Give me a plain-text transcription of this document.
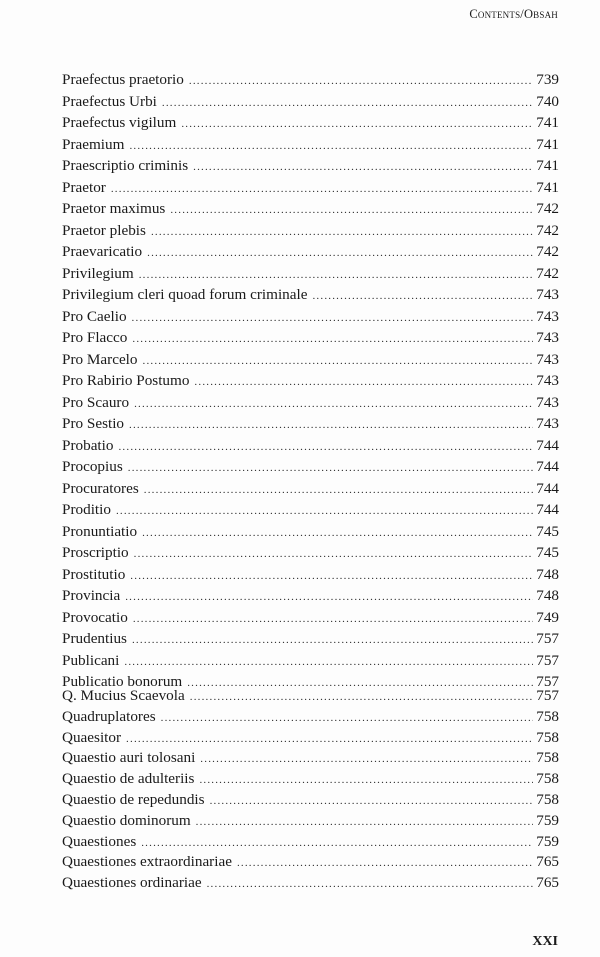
Contents/Obsah
Praefectus praetorio .....	739
Praefectus Urbi .....	740
Praefectus vigilum .....	741
Praemium .....	741
Praescriptio criminis .....	741
Praetor .....	741
Praetor maximus .....	742
Praetor plebis .....	742
Praevaricatio .....	742
Privilegium .....	742
Privilegium cleri quoad forum criminale .....	743
Pro Caelio .....	743
Pro Flacco .....	743
Pro Marcelo .....	743
Pro Rabirio Postumo .....	743
Pro Scauro .....	743
Pro Sestio .....	743
Probatio .....	744
Procopius .....	744
Procuratores .....	744
Proditio .....	744
Pronuntiatio .....	745
Proscriptio .....	745
Prostitutio .....	748
Provincia .....	748
Provocatio .....	749
Prudentius .....	757
Publicani .....	757
Publicatio bonorum .....	757
Q. Mucius Scaevola .....	757
Quadruplatores .....	758
Quaesitor .....	758
Quaestio auri tolosani .....	758
Quaestio de adulteriis .....	758
Quaestio de repedundis .....	758
Quaestio dominorum .....	759
Quaestiones .....	759
Quaestiones extraordinariae .....	765
Quaestiones ordinariae .....	765
XXI
